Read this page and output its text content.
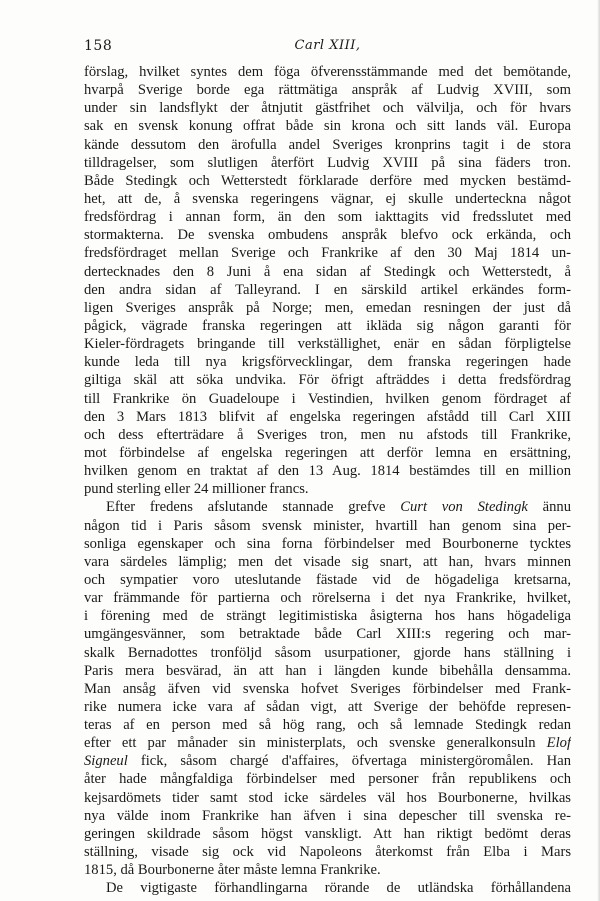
158	Carl XIII,
förslag, hvilket syntes dem föga öfverensstämmande med det bemötande,
hvarpå Sverige borde ega rättmätiga anspråk af Ludvig XVIII, som
under sin landsflykt der åtnjutit gästfrihet och välvilja, och för hvars
sak en svensk konung offrat både sin krona och sitt lands väl. Europa
kände dessutom den ärofulla andel Sveriges kronprins tagit i de stora
tilldragelser, som slutligen återfört Ludvig XVIII på sina fäders tron.
Både Stedingk och Wetterstedt förklarade derföre med mycken bestämd-
het, att de, å svenska regeringens vägnar, ej skulle underteckna något
fredsfördrag i annan form, än den som iakttagits vid fredsslutet med
stormakterna. De svenska ombudens anspråk blefvo ock erkända, och
fredsfördraget mellan Sverige och Frankrike af den 30 Maj 1814 un-
dertecknades den 8 Juni å ena sidan af Stedingk och Wetterstedt, å
den andra sidan af Talleyrand. I en särskild artikel erkändes form-
ligen Sveriges anspråk på Norge; men, emedan resningen der just då
pågick, vägrade franska regeringen att ikläda sig någon garanti för
Kieler-fördragets bringande till verkställighet, enär en sådan förpligtelse
kunde leda till nya krigsförvecklingar, dem franska regeringen hade
giltiga skäl att söka undvika. För öfrigt afträddes i detta fredsfördrag
till Frankrike ön Guadeloupe i Vestindien, hvilken genom fördraget af
den 3 Mars 1813 blifvit af engelska regeringen afstådd till Carl XIII
och dess efterträdare å Sveriges tron, men nu afstods till Frankrike,
mot förbindelse af engelska regeringen att derför lemna en ersättning,
hvilken genom en traktat af den 13 Aug. 1814 bestämdes till en million
pund sterling eller 24 millioner francs.
Efter fredens afslutande stannade grefve Curt von Stedingk ännu
någon tid i Paris såsom svensk minister, hvartill han genom sina per-
sonliga egenskaper och sina forna förbindelser med Bourbonerne tycktes
vara särdeles lämplig; men det visade sig snart, att han, hvars minnen
och sympatier voro uteslutande fästade vid de högadeliga kretsarna,
var främmande för partierna och rörelserna i det nya Frankrike, hvilket,
i förening med de strängt legitimistiska åsigterna hos hans högadeliga
umgängesvänner, som betraktade både Carl XIII:s regering och mar-
skalk Bernadottes tronföljd såsom usurpationer, gjorde hans ställning i
Paris mera besvärad, än att han i längden kunde bibehålla densamma.
Man ansåg äfven vid svenska hofvet Sveriges förbindelser med Frank-
rike numera icke vara af sådan vigt, att Sverige der behöfde represen-
teras af en person med så hög rang, och så lemnade Stedingk redan
efter ett par månader sin ministerplats, och svenske generalkonsuln Elof
Signeul fick, såsom chargé d'affaires, öfvertaga ministergöromålen. Han
åter hade mångfaldiga förbindelser med personer från republikens och
kejsardömets tider samt stod icke särdeles väl hos Bourbonerne, hvilkas
nya välde inom Frankrike han äfven i sina depescher till svenska re-
geringen skildrade såsom högst vanskligt. Att han riktigt bedömt deras
ställning, visade sig ock vid Napoleons återkomst från Elba i Mars
1815, då Bourbonerne åter måste lemna Frankrike.
De vigtigaste förhandlingarna rörande de utländska förhållandena
